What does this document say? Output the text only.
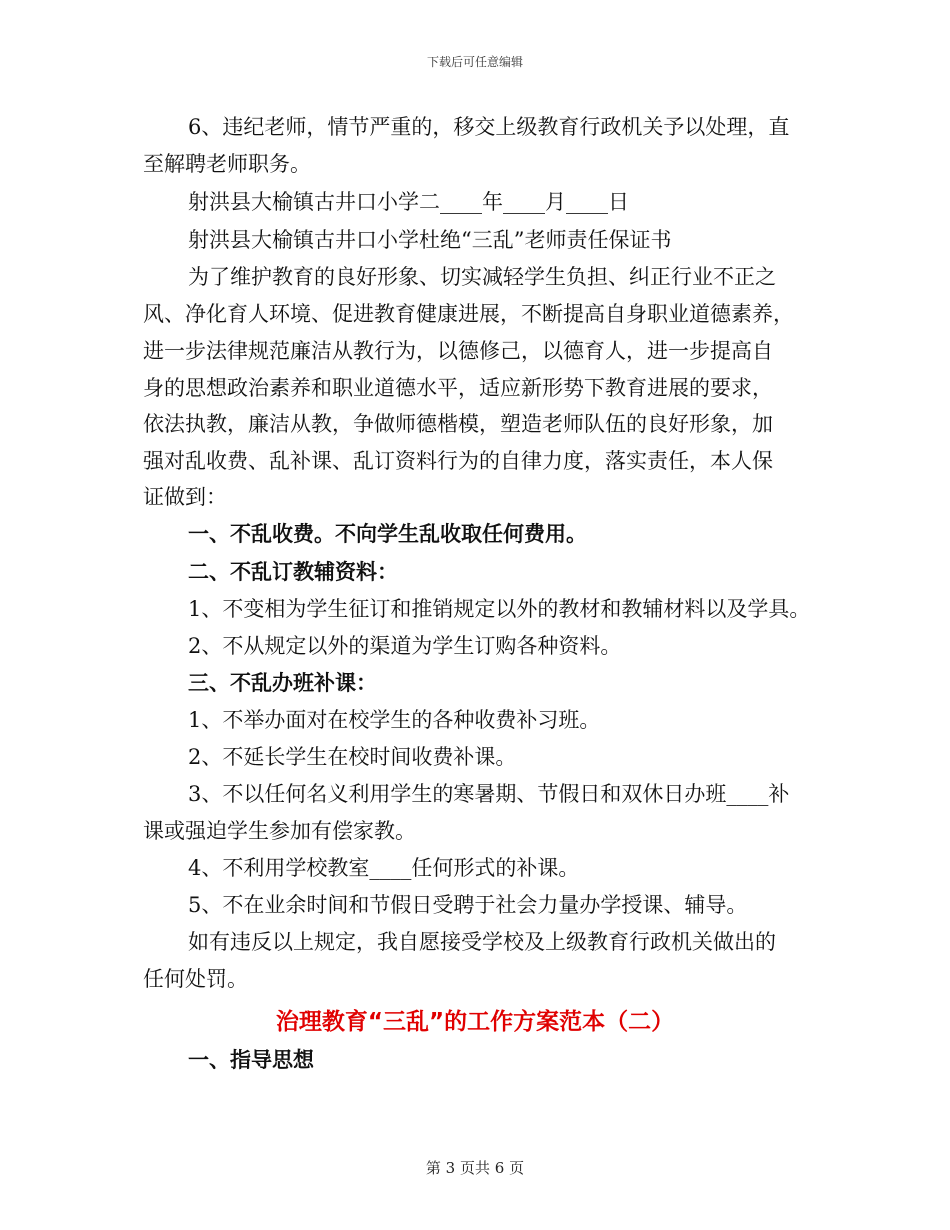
下载后可任意编辑
6、违纪老师，情节严重的，移交上级教育行政机关予以处理，直
至解聘老师职务。
射洪县大榆镇古井口小学二____年____月____日
射洪县大榆镇古井口小学杜绝“三乱”老师责任保证书
为了维护教育的良好形象、切实减轻学生负担、纠正行业不正之
风、净化育人环境、促进教育健康进展，不断提高自身职业道德素养，
进一步法律规范廉洁从教行为，以德修己，以德育人，进一步提高自
身的思想政治素养和职业道德水平，适应新形势下教育进展的要求，
依法执教，廉洁从教，争做师德楷模，塑造老师队伍的良好形象，加
强对乱收费、乱补课、乱订资料行为的自律力度，落实责任，本人保
证做到：
一、不乱收费。不向学生乱收取任何费用。
二、不乱订教辅资料：
1、不变相为学生征订和推销规定以外的教材和教辅材料以及学具。
2、不从规定以外的渠道为学生订购各种资料。
三、不乱办班补课：
1、不举办面对在校学生的各种收费补习班。
2、不延长学生在校时间收费补课。
3、不以任何名义利用学生的寒暑期、节假日和双休日办班____补
课或强迫学生参加有偿家教。
4、不利用学校教室____任何形式的补课。
5、不在业余时间和节假日受聘于社会力量办学授课、辅导。
如有违反以上规定，我自愿接受学校及上级教育行政机关做出的
任何处罚。
治理教育“三乱”的工作方案范本（二）
一、指导思想
第 3 页共 6 页
